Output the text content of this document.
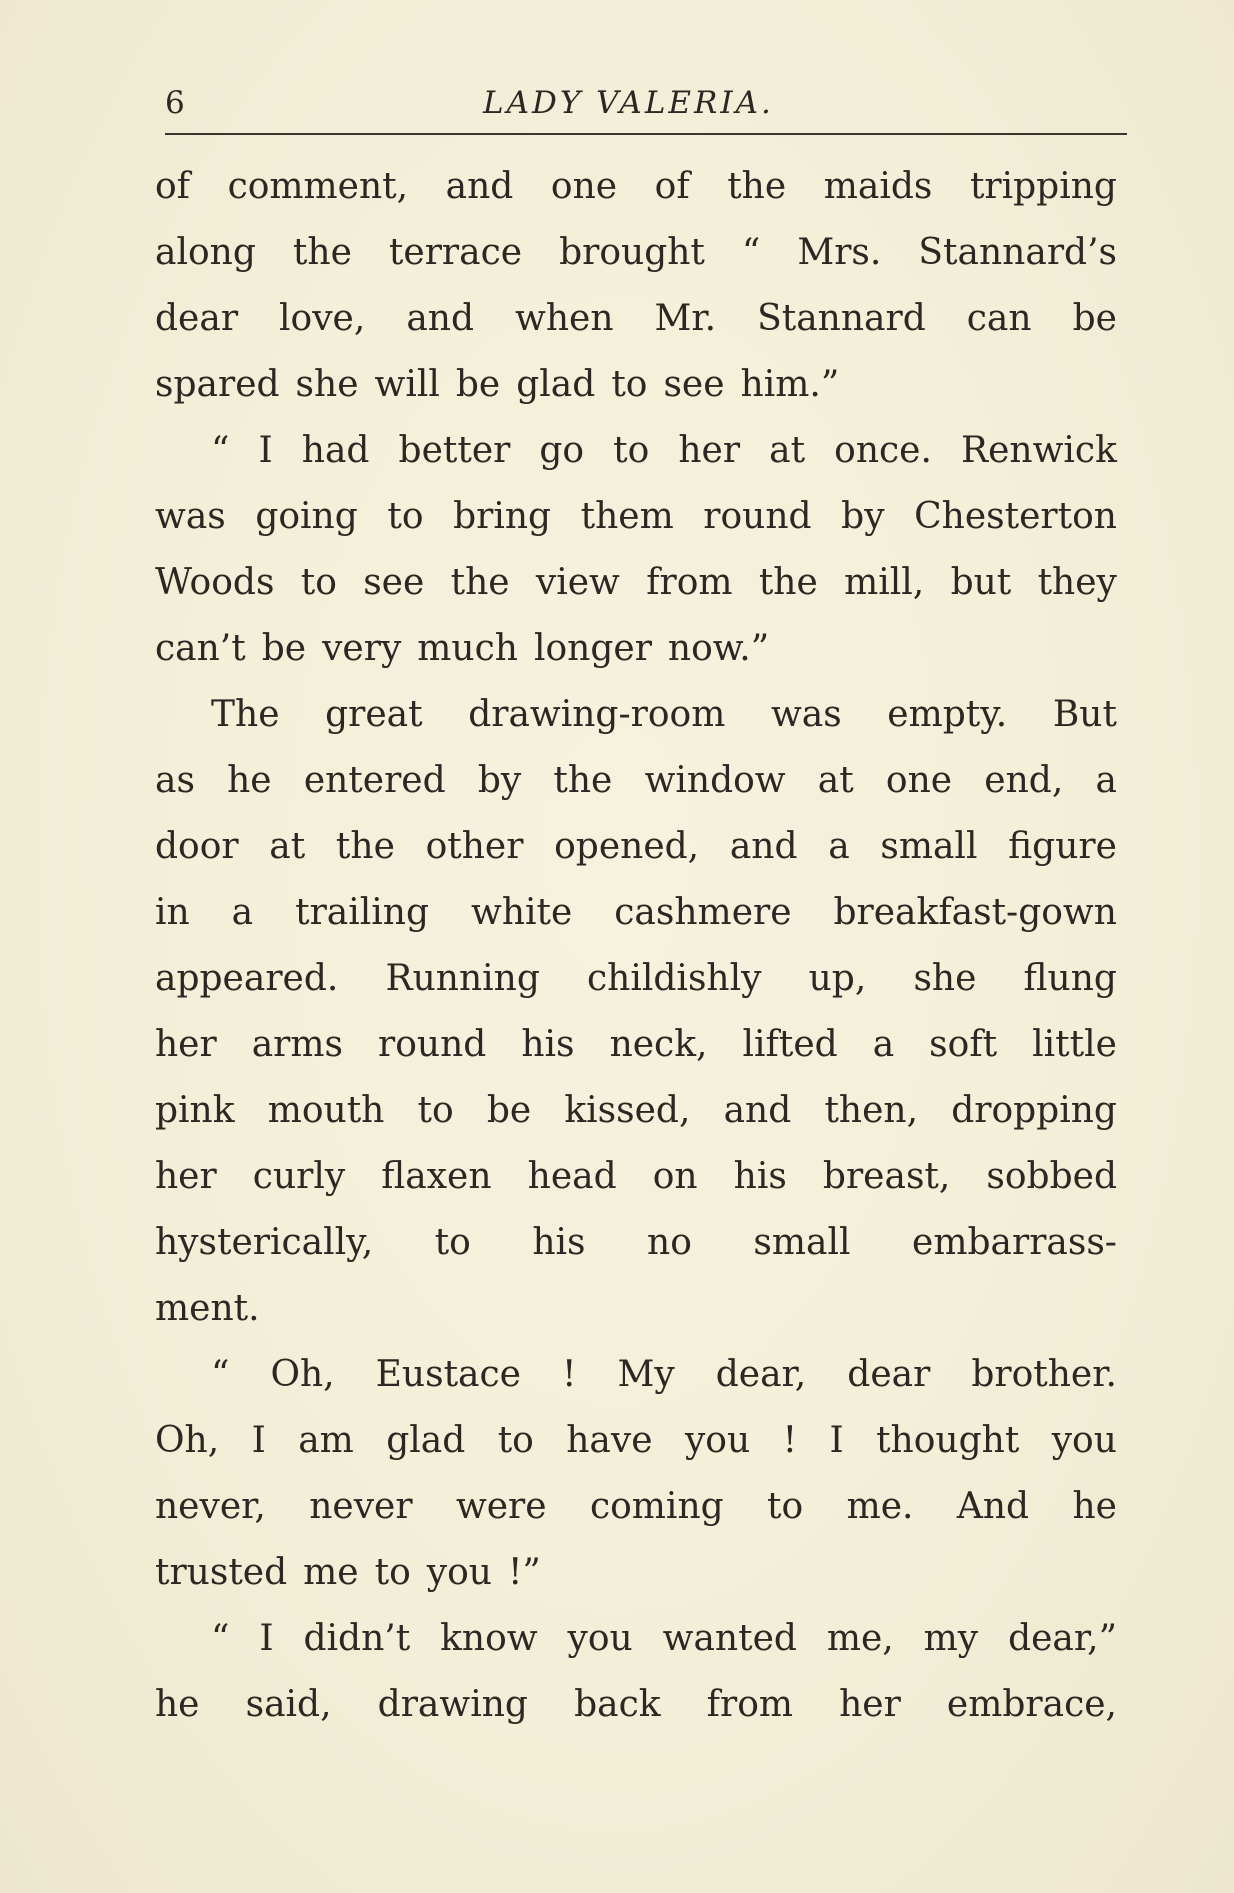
6	LADY VALERIA.
of comment, and one of the maids tripping
along the terrace brought “ Mrs. Stannard’s
dear love, and when Mr. Stannard can be
spared she will be glad to see him.”
“ I had better go to her at once. Renwick
was going to bring them round by Chesterton
Woods to see the view from the mill, but they
can’t be very much longer now.”
The great drawing-room was empty. But
as he entered by the window at one end, a
door at the other opened, and a small figure
in a trailing white cashmere breakfast-gown
appeared. Running childishly up, she flung
her arms round his neck, lifted a soft little
pink mouth to be kissed, and then, dropping
her curly flaxen head on his breast, sobbed
hysterically, to his no small embarrass-
ment.
“ Oh, Eustace ! My dear, dear brother.
Oh, I am glad to have you ! I thought you
never, never were coming to me. And he
trusted me to you !”
“ I didn’t know you wanted me, my dear,”
he said, drawing back from her embrace,
